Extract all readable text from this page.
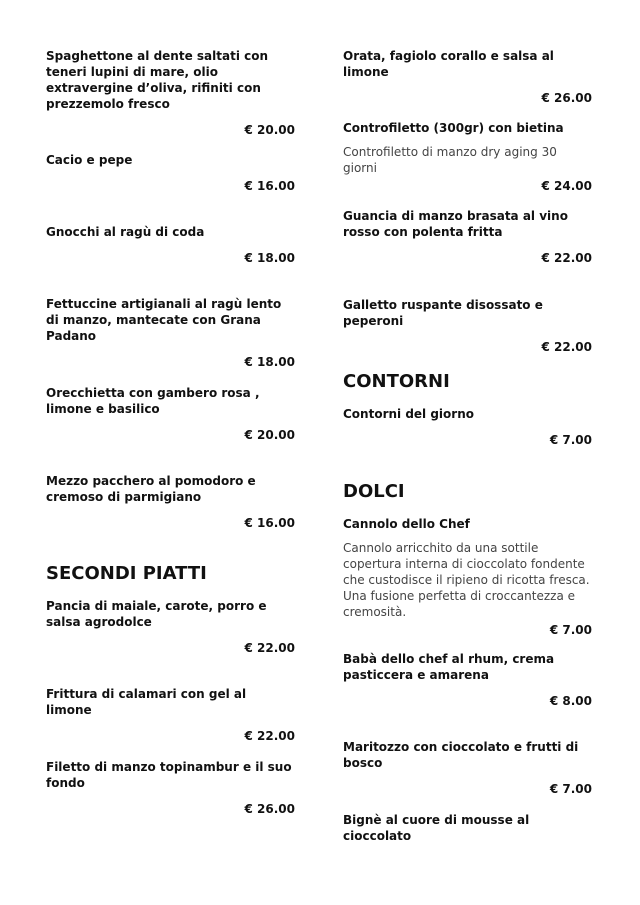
Spaghettone al dente saltati con teneri lupini di mare, olio extravergine d’oliva, rifiniti con prezzemolo fresco

€ 20.00

Cacio e pepe

€ 16.00

Gnocchi al ragù di coda

€ 18.00

Fettuccine artigianali al ragù lento di manzo, mantecate con Grana Padano

€ 18.00

Orecchietta con gambero rosa , limone e basilico

€ 20.00

Mezzo pacchero al pomodoro e cremoso di parmigiano

€ 16.00
SECONDI PIATTI

Pancia di maiale, carote, porro e salsa agrodolce

€ 22.00

Frittura di calamari con gel al limone

€ 22.00

Filetto di manzo topinambur e il suo fondo

€ 26.00

Orata, fagiolo corallo e salsa al limone

€ 26.00

Controfiletto (300gr) con bietina

Controfiletto di manzo dry aging 30 giorni

€ 24.00

Guancia di manzo brasata al vino rosso con polenta fritta

€ 22.00

Galletto ruspante disossato e peperoni

€ 22.00
CONTORNI

Contorni del giorno

€ 7.00
DOLCI

Cannolo dello Chef

Cannolo arricchito da una sottile copertura interna di cioccolato fondente che custodisce il ripieno di ricotta fresca. Una fusione perfetta di croccantezza e cremosità.

€ 7.00

Babà dello chef al rhum, crema pasticcera e amarena

€ 8.00

Maritozzo con cioccolato e frutti di bosco

€ 7.00

Bignè al cuore di mousse al cioccolato
